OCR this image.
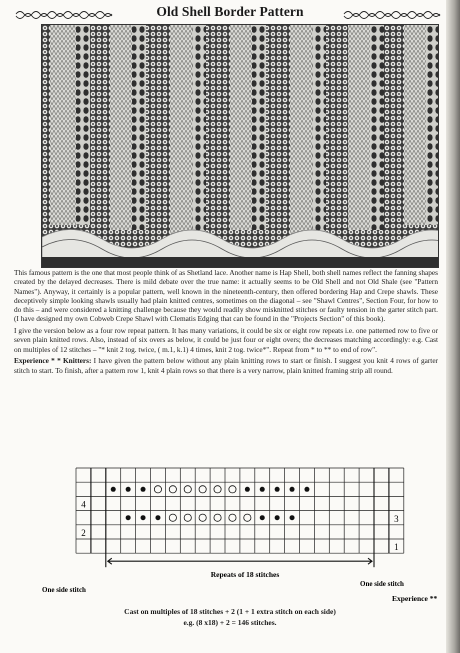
Old Shell Border Pattern

This famous pattern is the one that most people think of as Shetland lace. Another name is Hap Shell, both shell names reflect the fanning shapes created by the delayed decreases. There is mild debate over the true name: it actually seems to be Old Shell and not Old Shale (see "Pattern Names"). Anyway, it certainly is a popular pattern, well known in the nineteenth-century, then offered bordering Hap and Crepe shawls. These deceptively simple looking shawls usually had plain knitted centres, sometimes on the diagonal – see "Shawl Centres", Section Four, for how to do this – and were considered a knitting challenge because they would readily show misknitted stitches or faulty tension in the garter stitch part. (I have designed my own Cobweb Crepe Shawl with Clematis Edging that can be found in the "Projects Section" of this book).

I give the version below as a four row repeat pattern. It has many variations, it could be six or eight row repeats i.e. one patterned row to five or seven plain knitted rows. Also, instead of six overs as below, it could be just four or eight overs; the decreases matching accordingly: e.g. Cast on multiples of 12 stitches – "* knit 2 tog. twice, ( m.1, k.1) 4 times, knit 2 tog. twice*". Repeat from * to ** to end of row".

Experience * * Knitters: I have given the pattern below without any plain knitting rows to start or finish. I suggest you knit 4 rows of garter stitch to start. To finish, after a pattern row 1, knit 4 plain rows so that there is a very narrow, plain knitted framing strip all round.

4
2
3
1
Repeats of 18 stitches
One side stitch
One side stitch
Experience **
Cast on multiples of 18 stitches + 2 (1 + 1 extra stitch on each side)
e.g. (8 x18) + 2 = 146 stitches.
